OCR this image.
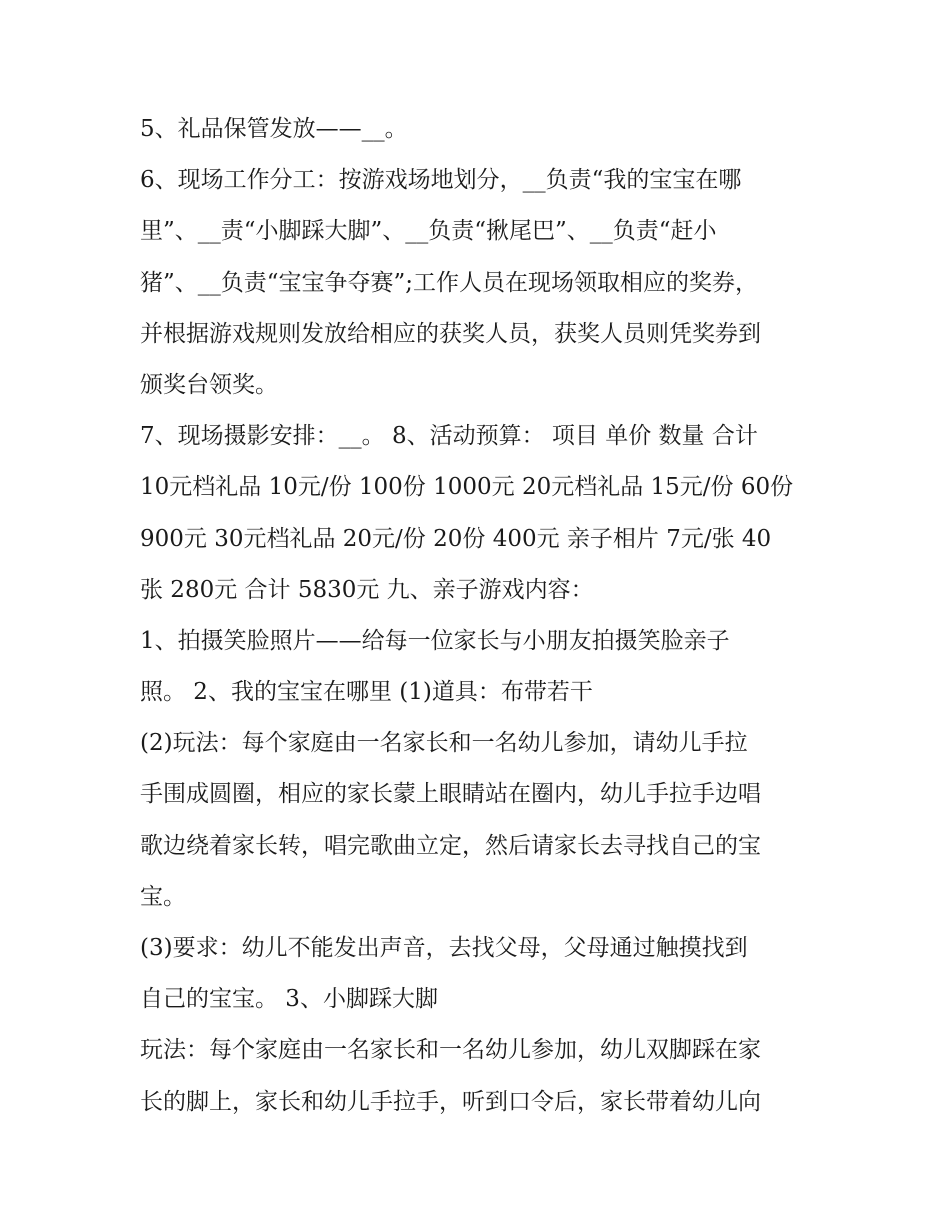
5、礼品保管发放——__。
6、现场工作分工：按游戏场地划分，__负责“我的宝宝在哪
里”、__责“小脚踩大脚”、__负责“揪尾巴”、__负责“赶小
猪”、__负责“宝宝争夺赛”;工作人员在现场领取相应的奖券，
并根据游戏规则发放给相应的获奖人员，获奖人员则凭奖券到
颁奖台领奖。
7、现场摄影安排：__。 8、活动预算： 项目 单价 数量 合计
10元档礼品 10元/份 100份 1000元 20元档礼品 15元/份 60份
900元 30元档礼品 20元/份 20份 400元 亲子相片 7元/张 40
张 280元 合计 5830元 九、亲子游戏内容：
1、拍摄笑脸照片——给每一位家长与小朋友拍摄笑脸亲子
照。 2、我的宝宝在哪里 (1)道具：布带若干
(2)玩法：每个家庭由一名家长和一名幼儿参加，请幼儿手拉
手围成圆圈，相应的家长蒙上眼睛站在圈内，幼儿手拉手边唱
歌边绕着家长转，唱完歌曲立定，然后请家长去寻找自己的宝
宝。
(3)要求：幼儿不能发出声音，去找父母，父母通过触摸找到
自己的宝宝。 3、小脚踩大脚
玩法：每个家庭由一名家长和一名幼儿参加，幼儿双脚踩在家
长的脚上，家长和幼儿手拉手，听到口令后，家长带着幼儿向
